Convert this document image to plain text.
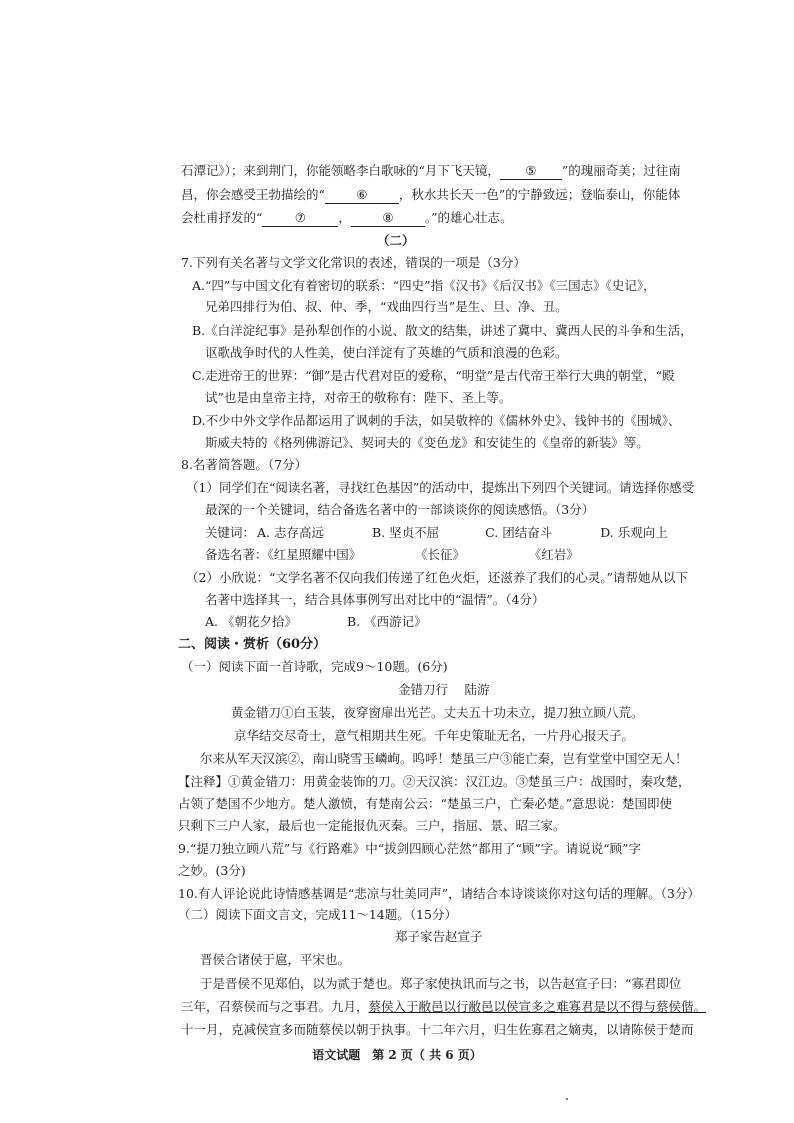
石潭记》）；来到荆门，你能领略李白歌咏的“月下飞天镜， ⑤ ”的瑰丽奇美；过往南
昌，你会感受王勃描绘的“	⑥	，秋水共长天一色”的宁静致远；登临泰山，你能体
会杜甫抒发的“	⑦	，	⑧	。”的雄心壮志。
（二）
7.下列有关名著与文学文化常识的表述，错误的一项是（3分）
A.“四”与中国文化有着密切的联系：“四史”指《汉书》《后汉书》《三国志》《史记》，
兄弟四排行为伯、叔、仲、季，“戏曲四行当”是生、旦、净、丑。
B.《白洋淀纪事》是孙犁创作的小说、散文的结集，讲述了冀中、冀西人民的斗争和生活，
讴歌战争时代的人性美，使白洋淀有了英雄的气质和浪漫的色彩。
C.走进帝王的世界：“御”是古代君对臣的爱称，“明堂”是古代帝王举行大典的朝堂，“殿
试”也是由皇帝主持，对帝王的敬称有：陛下、圣上等。
D.不少中外文学作品都运用了讽刺的手法，如吴敬梓的《儒林外史》、钱钟书的《围城》、
斯威夫特的《格列佛游记》、契诃夫的《变色龙》和安徒生的《皇帝的新装》等。
8.名著简答题。（7分）
（1）同学们在“阅读名著，寻找红色基因”的活动中，提炼出下列四个关键词。请选择你感受
最深的一个关键词，结合备选名著中的一部谈谈你的阅读感悟。（3分）
关键词： A. 志存高远	B. 坚贞不屈	C. 团结奋斗	D. 乐观向上
备选名著：《红星照耀中国》	《长征》	《红岩》
（2）小欣说：“文学名著不仅向我们传递了红色火炬，还滋养了我们的心灵。”请帮她从以下
名著中选择其一，结合具体事例写出对比中的“温情”。（4分）
A. 《朝花夕拾》	B. 《西游记》
二、阅读・赏析（60分）
（一）阅读下面一首诗歌，完成9～10题。(6分)
金错刀行　 陆游
黄金错刀①白玉装，夜穿窗扉出光芒。丈夫五十功未立，提刀独立顾八荒。
京华结交尽奇士，意气相期共生死。千年史策耻无名，一片丹心报天子。
尔来从军天汉滨②，南山晓雪玉嶙峋。呜呼！楚虽三户③能亡秦，岂有堂堂中国空无人！
【注释】①黄金错刀：用黄金装饰的刀。②天汉滨：汉江边。③楚虽三户：战国时，秦攻楚，
占领了楚国不少地方。楚人激愤，有楚南公云：“楚虽三户，亡秦必楚。”意思说：楚国即使
只剩下三户人家，最后也一定能报仇灭秦。三户，指屈、景、昭三家。
9.“提刀独立顾八荒”与《行路难》中“拔剑四顾心茫然”都用了“顾”字。请说说“顾”字
之妙。(3分)
10.有人评论说此诗情感基调是“悲凉与壮美同声”，请结合本诗谈谈你对这句话的理解。（3分）
（二）阅读下面文言文，完成11～14题。（15分）
郑子家告赵宣子
晋侯合诸侯于扈，平宋也。
于是晋侯不见郑伯，以为贰于楚也。郑子家使执讯而与之书，以告赵宣子曰：“寡君即位
三年，召蔡侯而与之事君。九月，蔡侯入于敝邑以行敝邑以侯宣多之难寡君是以不得与蔡侯偕。
十一月，克减侯宣多而随蔡侯以朝于执事。十二年六月，归生佐寡君之嫡夷，以请陈侯于楚而
语文试题　第 2 页（ 共 6 页）
